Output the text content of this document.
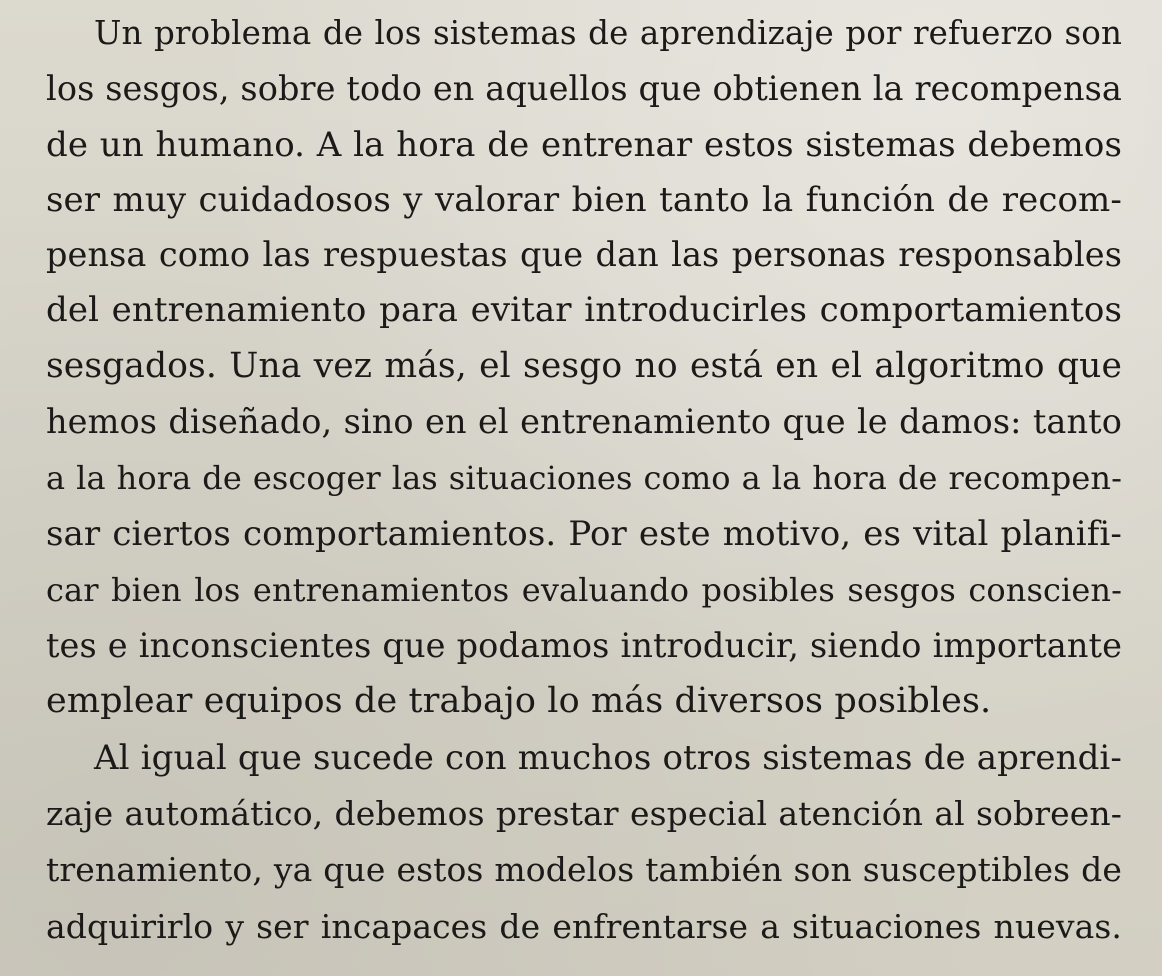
Un problema de los sistemas de aprendizaje por refuerzo son
los sesgos, sobre todo en aquellos que obtienen la recompensa
de un humano. A la hora de entrenar estos sistemas debemos
ser muy cuidadosos y valorar bien tanto la función de recom-
pensa como las respuestas que dan las personas responsables
del entrenamiento para evitar introducirles comportamientos
sesgados. Una vez más, el sesgo no está en el algoritmo que
hemos diseñado, sino en el entrenamiento que le damos: tanto
a la hora de escoger las situaciones como a la hora de recompen-
sar ciertos comportamientos. Por este motivo, es vital planifi-
car bien los entrenamientos evaluando posibles sesgos conscien-
tes e inconscientes que podamos introducir, siendo importante
emplear equipos de trabajo lo más diversos posibles.
Al igual que sucede con muchos otros sistemas de aprendi-
zaje automático, debemos prestar especial atención al sobreen-
trenamiento, ya que estos modelos también son susceptibles de
adquirirlo y ser incapaces de enfrentarse a situaciones nuevas.
